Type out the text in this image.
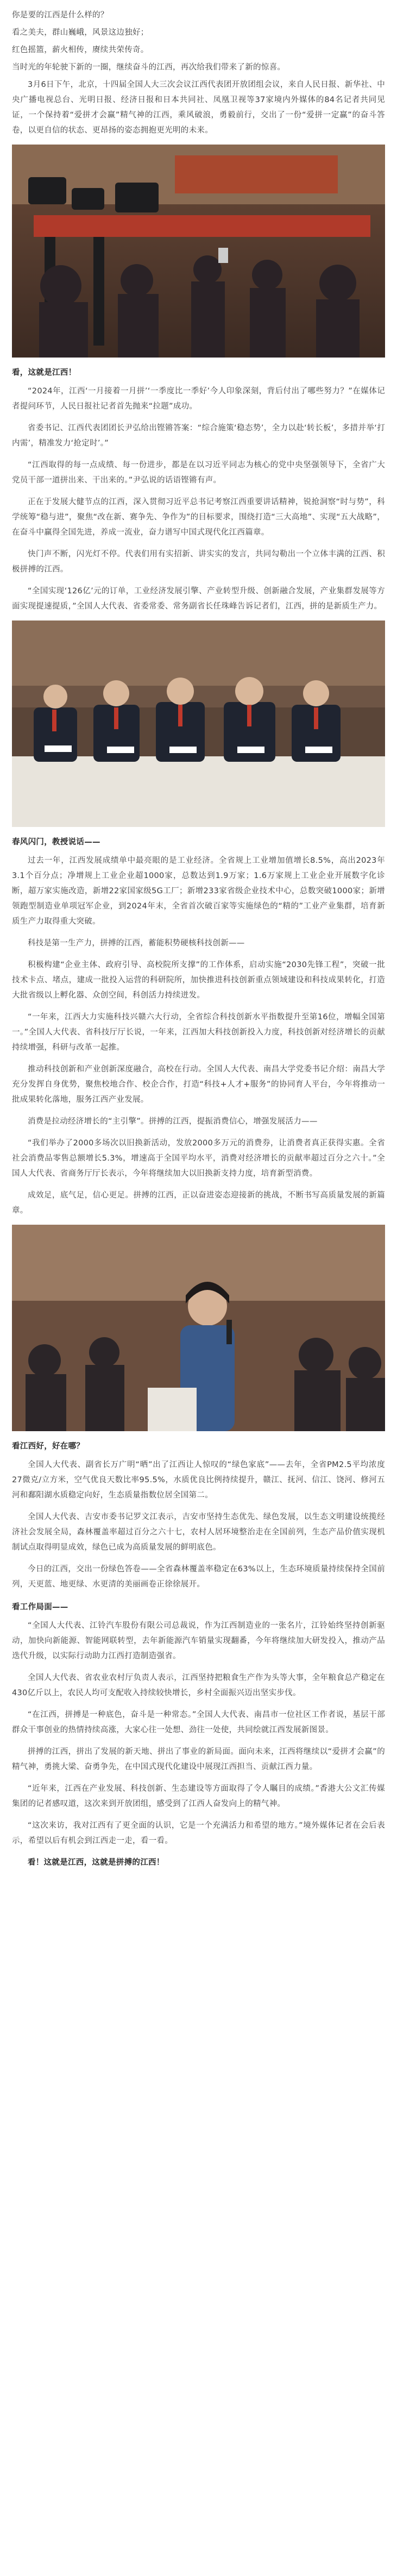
你是要的江西是什么样的？

看之美夫，群山巍峨，风景这边独好；

红色摇篮，薪火相传，赓续共荣传奇。

当时光的年轮驶下新的一圈，继续奋斗的江西，再次给我们带来了新的惊喜。

3月6日下午，北京，十四届全国人大三次会议江西代表团开放团组会议，来自人民日报、新华社、中央广播电视总台、光明日报、经济日报和日本共同社、凤凰卫视等37家境内外媒体的84名记者共同见证，一个保持着“爱拼才会赢”精气神的江西，乘风破浪，勇毅前行，交出了一份“爱拼一定赢”的奋斗答卷，以更自信的状态、更昂扬的姿态拥抱更光明的未来。

看，这就是江西！

“2024年，江西‘一月接着一月拼’‘一季度比一季好’今人印象深刻，背后付出了哪些努力？”在媒体记者提问环节，人民日报社记者首先抛来“拉题”成功。

省委书记、江西代表团团长尹弘给出铿锵答案：“综合施策‘稳态势’，全力以赴‘转长板’，多措并举‘打内需’，精准发力‘抢定时’。”

“江西取得的每一点成绩、每一份进步，都是在以习近平同志为核心的党中央坚强领导下，全省广大党员干部一道拼出来、干出来的。”尹弘说的话语铿锵有声。

正在于发展大健节点的江西，深入贯彻习近平总书记考察江西重要讲话精神，锐抢洞察“时与势”，科学统筹“稳与进”，聚焦“改在新、赛争先、争作为”的目标要求，围绕打造“三大高地”、实现“五大战略”，在奋斗中赢得全国先进，养成一流业，奋力谱写中国式现代化江西篇章。

快门声不断，闪光灯不停。代表们用有实招新、讲实实的发言，共同勾勒出一个立体丰满的江西、积极拼搏的江西。

“全国实现‘126亿’元的订单，工业经济发展引擎、产业转型升级、创新融合发展，产业集群发展等方面实现提速提质，”全国人大代表、省委常委、常务副省长任珠峰告诉记者们，江西，拼的是新质生产力。

春风闪门，教授说话——

过去一年，江西发展成绩单中最亮眼的是工业经济。全省规上工业增加值增长8.5%，高出2023年3.1个百分点；净增规上工业企业超1000家，总数达到1.9万家；1.6万家规上工业企业开展数字化诊断，超万家实施改造，新增22家国家级5G工厂；新增233家省级企业技术中心，总数突破1000家；新增领跑型制造业单项冠军企业，到2024年末，全省首次破百家等实施绿色的“精的”工业产业集群，培育新质生产力取得重大突破。

科技是第一生产力，拼搏的江西，蓄能积势硬核科技创新——

积极构建“企业主体、政府引导、高校院所支撑”的工作体系，启动实施“2030先锋工程”，突破一批技术卡点、堵点，建成一批投入运营的科研院所，加快推进科技创新重点领域建设和科技成果转化，打造大批省级以上孵化器、众创空间，科创活力持续迸发。

“一年来，江西大力实施科技兴赣六大行动，全省综合科技创新水平指数提升至第16位，增幅全国第一。”全国人大代表、省科技厅厅长说，一年来，江西加大科技创新投入力度，科技创新对经济增长的贡献持续增强，科研与改革一起推。

推动科技创新和产业创新深度融合，高校在行动。全国人大代表、南昌大学党委书记介绍：南昌大学充分发挥自身优势，聚焦校地合作、校企合作，打造“科技+人才+服务”的协同育人平台，今年将推动一批成果转化落地，服务江西产业发展。

消费是拉动经济增长的“主引擎”。拼搏的江西，提振消费信心，增强发展活力——

“我们举办了2000多场次以旧换新活动，发放2000多万元的消费券，让消费者真正获得实惠。全省社会消费品零售总额增长5.3%，增速高于全国平均水平，消费对经济增长的贡献率超过百分之六十。”全国人大代表、省商务厅厅长表示，今年将继续加大以旧换新支持力度，培育新型消费。

成效足，底气足，信心更足。拼搏的江西，正以奋进姿态迎接新的挑战，不断书写高质量发展的新篇章。

看江西好，好在哪？

全国人大代表、副省长万广明“晒”出了江西让人惊叹的“绿色家底”——去年，全省PM2.5平均浓度27微克/立方米，空气优良天数比率95.5%，水质优良比例持续提升，赣江、抚河、信江、饶河、修河五河和鄱阳湖水质稳定向好，生态质量指数位居全国第二。

全国人大代表、吉安市委书记罗文江表示，吉安市坚持生态优先、绿色发展，以生态文明建设统揽经济社会发展全局，森林覆盖率超过百分之六十七，农村人居环境整治走在全国前列，生态产品价值实现机制试点取得明显成效，绿色已成为高质量发展的鲜明底色。

今日的江西，交出一份绿色答卷——全省森林覆盖率稳定在63%以上，生态环境质量持续保持全国前列，天更蓝、地更绿、水更清的美丽画卷正徐徐展开。

看工作局面——

“全国人大代表、江铃汽车股份有限公司总裁说，作为江西制造业的一张名片，江铃始终坚持创新驱动，加快向新能源、智能网联转型，去年新能源汽车销量实现翻番，今年将继续加大研发投入，推动产品迭代升级，以实际行动助力江西打造制造强省。

全国人大代表、省农业农村厅负责人表示，江西坚持把粮食生产作为头等大事，全年粮食总产稳定在430亿斤以上，农民人均可支配收入持续较快增长，乡村全面振兴迈出坚实步伐。

“在江西，拼搏是一种底色，奋斗是一种常态。”全国人大代表、南昌市一位社区工作者说，基层干部群众干事创业的热情持续高涨，大家心往一处想、劲往一处使，共同绘就江西发展新图景。

拼搏的江西，拼出了发展的新天地、拼出了事业的新局面。面向未来，江西将继续以“爱拼才会赢”的精气神，勇挑大梁、奋勇争先，在中国式现代化建设中展现江西担当、贡献江西力量。

“近年来，江西在产业发展、科技创新、生态建设等方面取得了令人瞩目的成绩。”香港大公文汇传媒集团的记者感叹道，这次来到开放团组，感受到了江西人奋发向上的精气神。

“这次来访，我对江西有了更全面的认识，它是一个充满活力和希望的地方。”境外媒体记者在会后表示，希望以后有机会到江西走一走，看一看。

看！这就是江西，这就是拼搏的江西！
